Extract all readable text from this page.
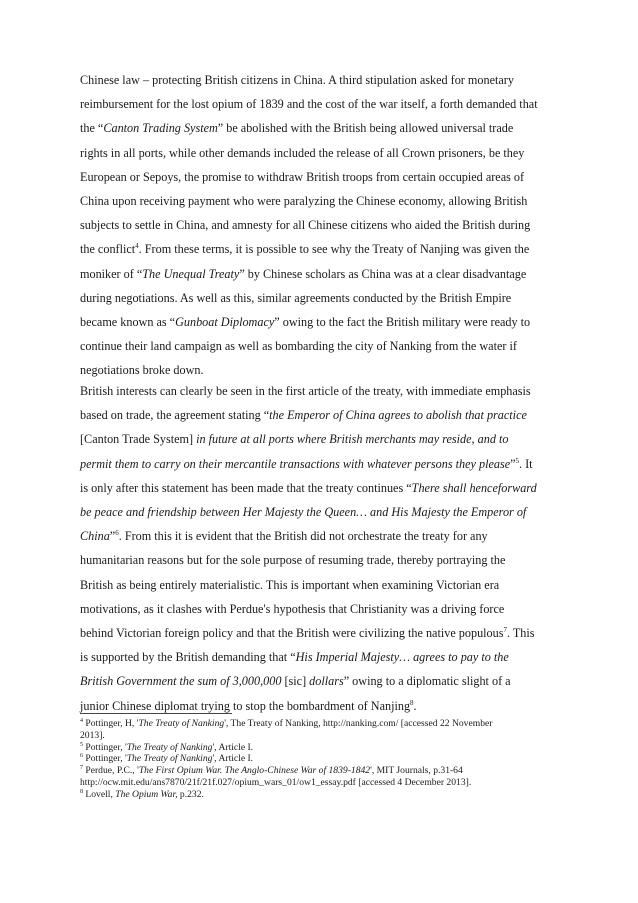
Chinese law – protecting British citizens in China. A third stipulation asked for monetary
reimbursement for the lost opium of 1839 and the cost of the war itself, a forth demanded that
the “Canton Trading System” be abolished with the British being allowed universal trade
rights in all ports, while other demands included the release of all Crown prisoners, be they
European or Sepoys, the promise to withdraw British troops from certain occupied areas of
China upon receiving payment who were paralyzing the Chinese economy, allowing British
subjects to settle in China, and amnesty for all Chinese citizens who aided the British during
the conflict$^4$. From these terms, it is possible to see why the Treaty of Nanjing was given the
moniker of “The Unequal Treaty” by Chinese scholars as China was at a clear disadvantage
during negotiations. As well as this, similar agreements conducted by the British Empire
became known as “Gunboat Diplomacy” owing to the fact the British military were ready to
continue their land campaign as well as bombarding the city of Nanking from the water if
negotiations broke down.
British interests can clearly be seen in the first article of the treaty, with immediate emphasis
based on trade, the agreement stating “the Emperor of China agrees to abolish that practice
[Canton Trade System] in future at all ports where British merchants may reside, and to
permit them to carry on their mercantile transactions with whatever persons they please”$^5$. It
is only after this statement has been made that the treaty continues “There shall henceforward
be peace and friendship between Her Majesty the Queen… and His Majesty the Emperor of
China”$^6$. From this it is evident that the British did not orchestrate the treaty for any
humanitarian reasons but for the sole purpose of resuming trade, thereby portraying the
British as being entirely materialistic. This is important when examining Victorian era
motivations, as it clashes with Perdue's hypothesis that Christianity was a driving force
behind Victorian foreign policy and that the British were civilizing the native populous$^7$. This
is supported by the British demanding that “His Imperial Majesty… agrees to pay to the
British Government the sum of 3,000,000 [sic] dollars” owing to a diplomatic slight of a
junior Chinese diplomat trying to stop the bombardment of Nanjing$^8$.
$^4$ Pottinger, H, 'The Treaty of Nanking', The Treaty of Nanking, http://nanking.com/ [accessed 22 November
2013].
$^5$ Pottinger, 'The Treaty of Nanking', Article I.
$^6$ Pottinger, 'The Treaty of Nanking', Article I.
$^7$ Perdue, P.C., 'The First Opium War. The Anglo-Chinese War of 1839-1842', MIT Journals, p.31-64
http://ocw.mit.edu/ans7870/21f/21f.027/opium_wars_01/ow1_essay.pdf [accessed 4 December 2013].
$^8$ Lovell, The Opium War, p.232.
